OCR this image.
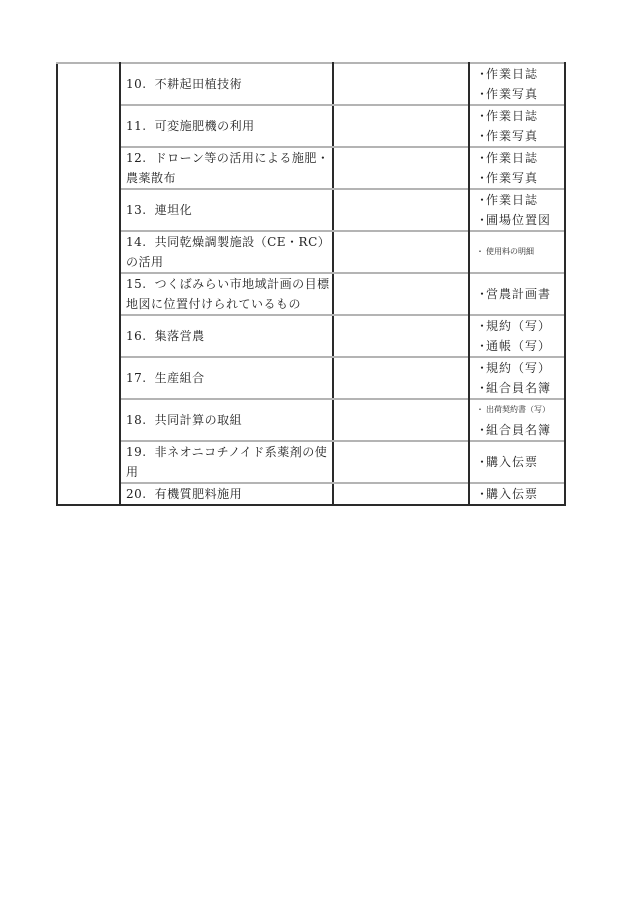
	10. 不耕起田植技術		・作業日誌
・作業写真

	11. 可変施肥機の利用		・作業日誌
・作業写真

	12. ドローン等の活用による施肥・農薬散布		・作業日誌
・作業写真

	13. 連坦化		・作業日誌
・圃場位置図

	14. 共同乾燥調製施設（CE・RC）の活用		・ 使用料の明細

	15. つくばみらい市地域計画の目標地図に位置付けられているもの		・営農計画書

	16. 集落営農		・規約（写）
・通帳（写）

	17. 生産組合		・規約（写）
・組合員名簿

	18. 共同計算の取組		・ 出荷契約書（写）
・組合員名簿

	19. 非ネオニコチノイド系薬剤の使用		・購入伝票

	20. 有機質肥料施用		・購入伝票
